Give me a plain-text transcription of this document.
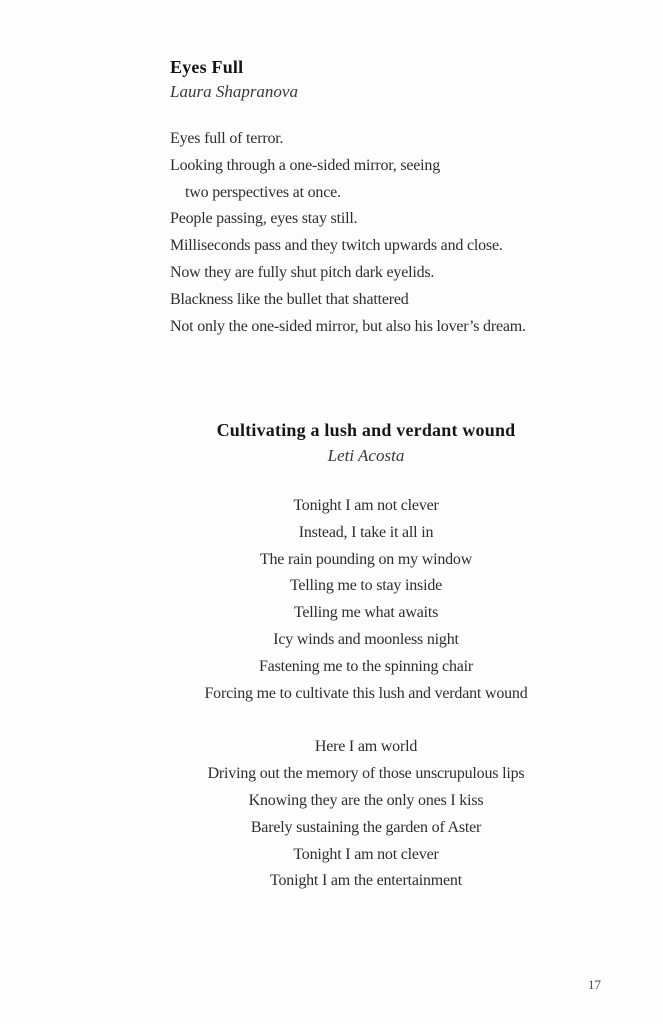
Eyes Full
Laura Shapranova
Eyes full of terror.
Looking through a one-sided mirror, seeing
two perspectives at once.
People passing, eyes stay still.
Milliseconds pass and they twitch upwards and close.
Now they are fully shut pitch dark eyelids.
Blackness like the bullet that shattered
Not only the one-sided mirror, but also his lover’s dream.
Cultivating a lush and verdant wound
Leti Acosta
Tonight I am not clever
Instead, I take it all in
The rain pounding on my window
Telling me to stay inside
Telling me what awaits
Icy winds and moonless night
Fastening me to the spinning chair
Forcing me to cultivate this lush and verdant wound
Here I am world
Driving out the memory of those unscrupulous lips
Knowing they are the only ones I kiss
Barely sustaining the garden of Aster
Tonight I am not clever
Tonight I am the entertainment
17
